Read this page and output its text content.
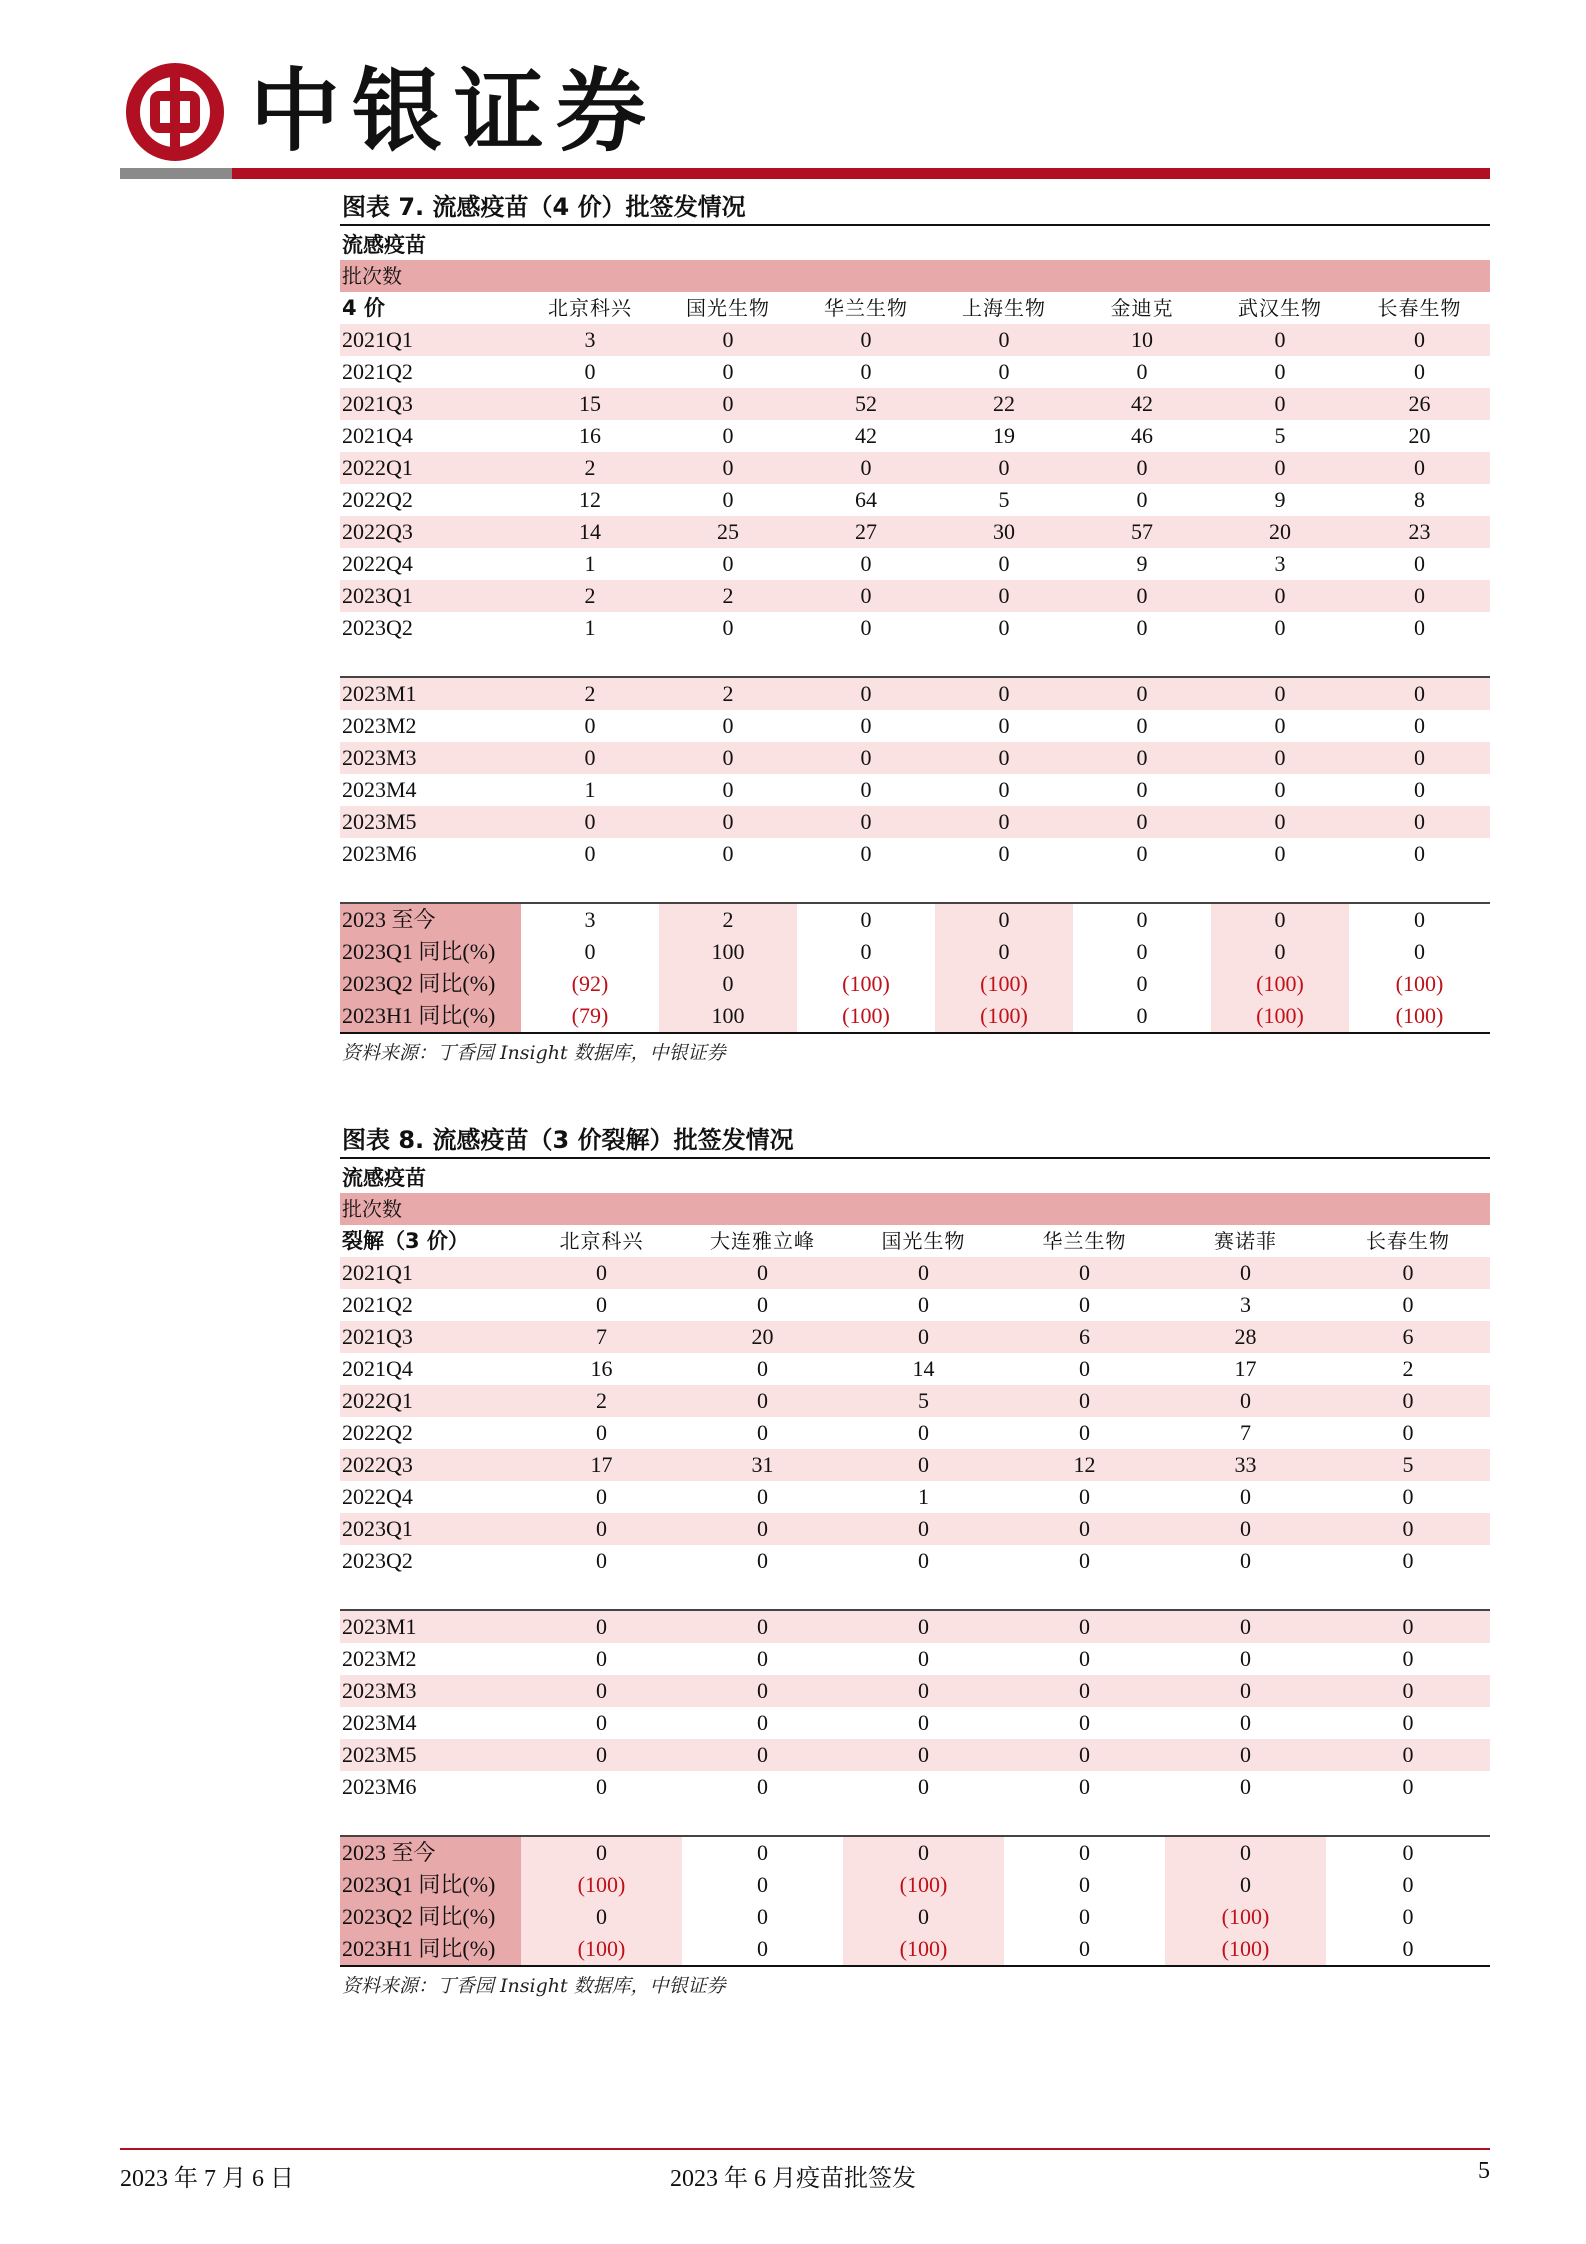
中银证券
图表 7. 流感疫苗（4 价）批签发情况
流感疫苗
批次数
4 价	北京科兴	国光生物	华兰生物	上海生物	金迪克	武汉生物	长春生物
2021Q1	3	0	0	0	10	0	0
2021Q2	0	0	0	0	0	0	0
2021Q3	15	0	52	22	42	0	26
2021Q4	16	0	42	19	46	5	20
2022Q1	2	0	0	0	0	0	0
2022Q2	12	0	64	5	0	9	8
2022Q3	14	25	27	30	57	20	23
2022Q4	1	0	0	0	9	3	0
2023Q1	2	2	0	0	0	0	0
2023Q2	1	0	0	0	0	0	0
2023M1	2	2	0	0	0	0	0
2023M2	0	0	0	0	0	0	0
2023M3	0	0	0	0	0	0	0
2023M4	1	0	0	0	0	0	0
2023M5	0	0	0	0	0	0	0
2023M6	0	0	0	0	0	0	0
2023 至今	3	2	0	0	0	0	0
2023Q1 同比(%)	0	100	0	0	0	0	0
2023Q2 同比(%)	(92)	0	(100)	(100)	0	(100)	(100)
2023H1 同比(%)	(79)	100	(100)	(100)	0	(100)	(100)
资料来源：丁香园 Insight 数据库，中银证券
图表 8. 流感疫苗（3 价裂解）批签发情况
流感疫苗
批次数
裂解（3 价）	北京科兴	大连雅立峰	国光生物	华兰生物	赛诺菲	长春生物
2021Q1	0	0	0	0	0	0
2021Q2	0	0	0	0	3	0
2021Q3	7	20	0	6	28	6
2021Q4	16	0	14	0	17	2
2022Q1	2	0	5	0	0	0
2022Q2	0	0	0	0	7	0
2022Q3	17	31	0	12	33	5
2022Q4	0	0	1	0	0	0
2023Q1	0	0	0	0	0	0
2023Q2	0	0	0	0	0	0
2023M1	0	0	0	0	0	0
2023M2	0	0	0	0	0	0
2023M3	0	0	0	0	0	0
2023M4	0	0	0	0	0	0
2023M5	0	0	0	0	0	0
2023M6	0	0	0	0	0	0
2023 至今	0	0	0	0	0	0
2023Q1 同比(%)	(100)	0	(100)	0	0	0
2023Q2 同比(%)	0	0	0	0	(100)	0
2023H1 同比(%)	(100)	0	(100)	0	(100)	0
资料来源：丁香园 Insight 数据库，中银证券
2023 年 7 月 6 日	2023 年 6 月疫苗批签发	5
